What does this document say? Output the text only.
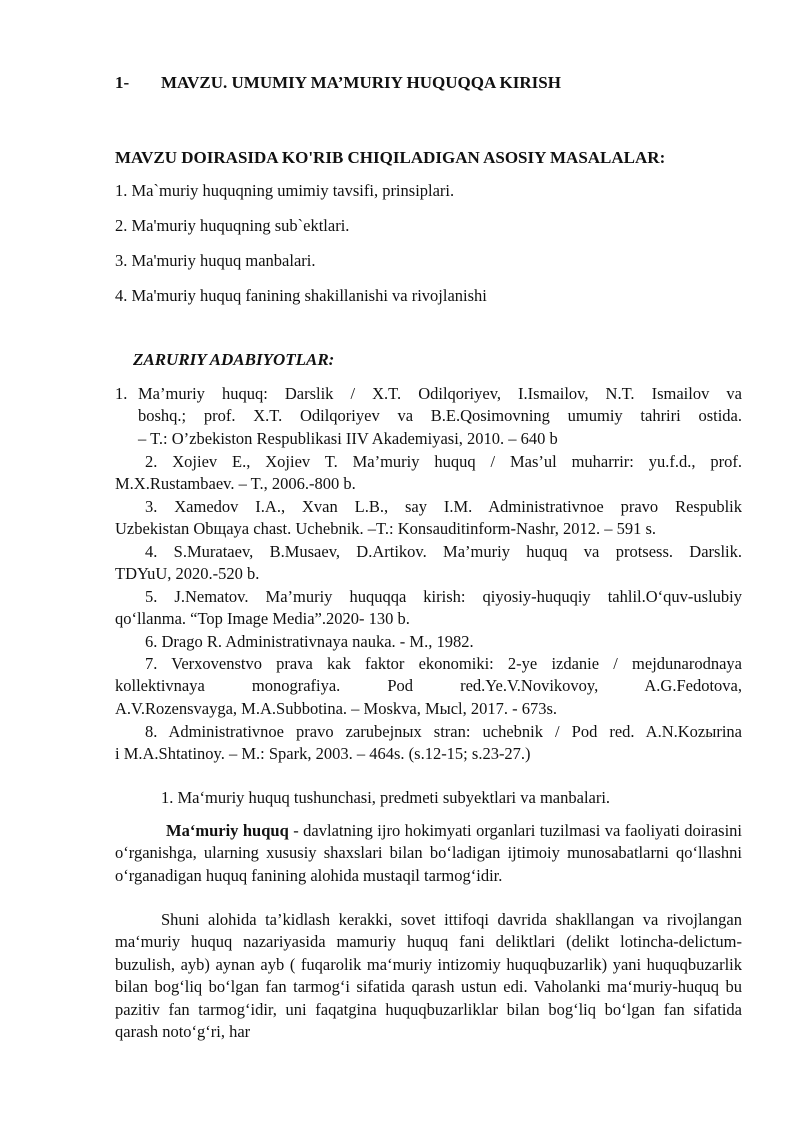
1- MAVZU. UMUMIY MA’MURIY HUQUQQA KIRISH
MAVZU DOIRASIDA KO'RIB CHIQILADIGAN ASOSIY MASALALAR:
1. Ma`muriy huquqning umimiy tavsifi, prinsiplari.
2. Ma'muriy huquqning sub`ektlari.
3. Ma'muriy huquq manbalari.
4. Ma'muriy huquq fanining shakillanishi va rivojlanishi
ZARURIY ADABIYOTLAR:
1. Ma’muriy huquq: Darslik / X.T. Odilqoriyev, I.Ismailov, N.T. Ismailov va
boshq.; prof. X.T. Odilqoriyev va B.E.Qosimovning umumiy tahriri ostida.
– T.: O’zbekiston Respublikasi IIV Akademiyasi, 2010. – 640 b
2. Xojiev E., Xojiev T. Ma’muriy huquq / Mas’ul muharrir: yu.f.d., prof.
M.X.Rustambaev. – T., 2006.-800 b.
3. Xamedov I.A., Xvan L.B., say I.M. Administrativnoe pravo Respublik
Uzbekistan Obщaya chast. Uchebnik. –T.: Konsauditinform-Nashr, 2012. – 591 s.
4. S.Murataev, B.Musaev, D.Artikov. Ma’muriy huquq va protsess. Darslik.
TDYuU, 2020.-520 b.
5. J.Nematov. Ma’muriy huquqqa kirish: qiyosiy-huquqiy tahlil.O‘quv-uslubiy
qo‘llanma. “Top Image Media”.2020- 130 b.
6. Drago R. Administrativnaya nauka. - M., 1982.
7. Verxovenstvo prava kak faktor ekonomiki: 2-ye izdanie / mejdunarodnaya
kollektivnaya monografiya. Pod red.Ye.V.Novikovoy, A.G.Fedotova,
A.V.Rozensvayga, M.A.Subbotina. – Moskva, Mысl, 2017. - 673s.
8. Administrativnoe pravo zarubejnых stran: uchebnik / Pod red. A.N.Kozыrina
i M.A.Shtatinoy. – M.: Spark, 2003. – 464s. (s.12-15; s.23-27.)
1. Ma‘muriy huquq tushunchasi, predmeti subyektlari va manbalari.
Ma‘muriy huquq - davlatning ijro hokimyati organlari tuzilmasi va faoliyati doirasini o‘rganishga, ularning xususiy shaxslari bilan bo‘ladigan ijtimoiy munosabatlarni qo‘llashni o‘rganadigan huquq fanining alohida mustaqil tarmog‘idir.
Shuni alohida ta’kidlash kerakki, sovet ittifoqi davrida shakllangan va rivojlangan ma‘muriy huquq nazariyasida mamuriy huquq fani deliktlari (delikt lotincha-delictum-buzulish, ayb) aynan ayb ( fuqarolik ma‘muriy intizomiy huquqbuzarlik) yani huquqbuzarlik bilan bog‘liq bo‘lgan fan tarmog‘i sifatida qarash ustun edi. Vaholanki ma‘muriy-huquq bu pazitiv fan tarmog‘idir, uni faqatgina huquqbuzarliklar bilan bog‘liq bo‘lgan fan sifatida qarash noto‘g‘ri, har
